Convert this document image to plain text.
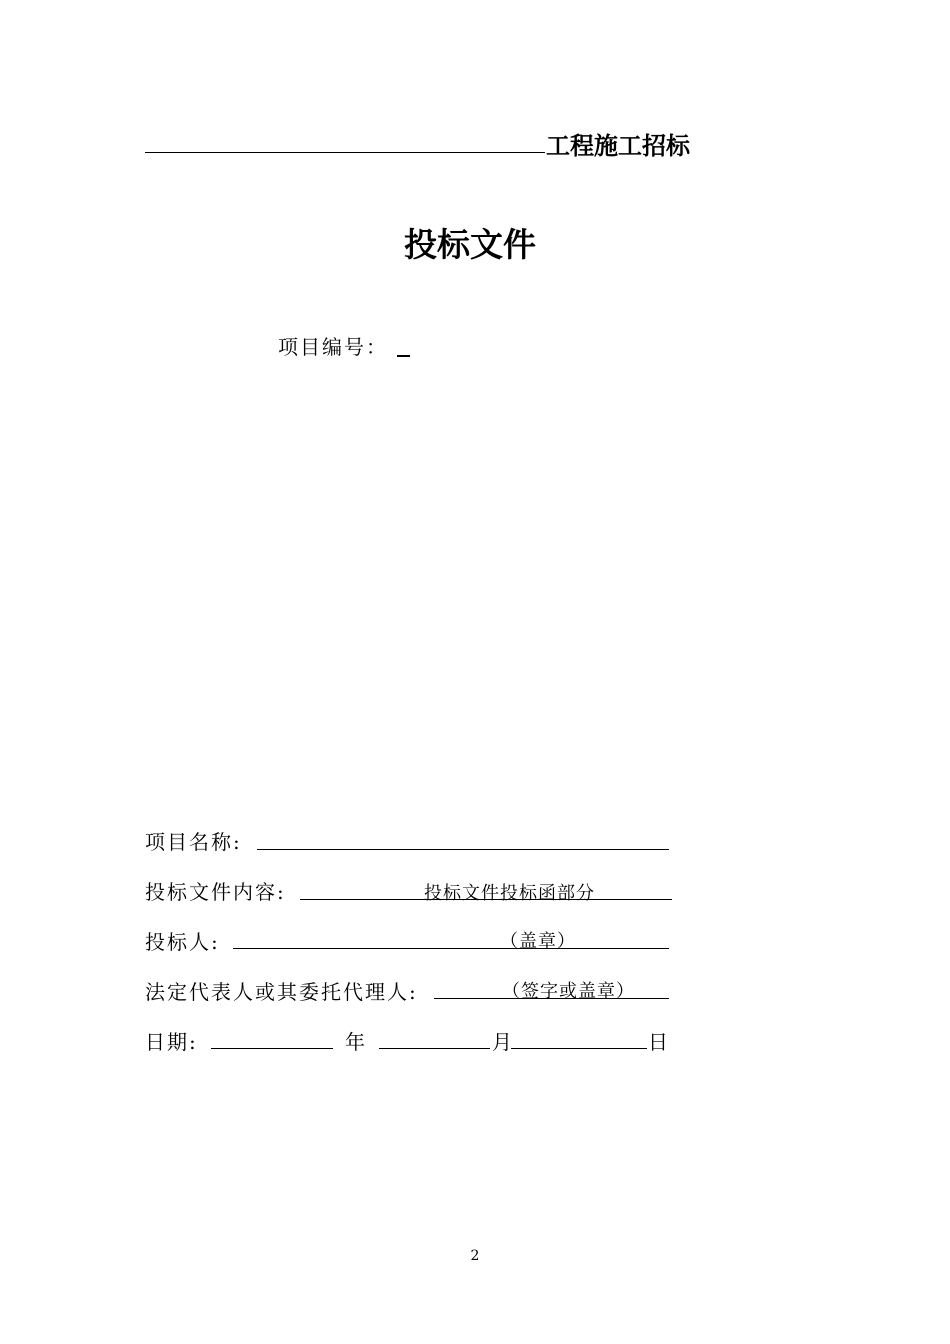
工程施工招标
投标文件
项目编号：
项目名称:
投标文件内容:	投标文件投标函部分
投标人:	（盖章）
法定代表人或其委托代理人:	（签字或盖章）
日期:	年	月	日
2
